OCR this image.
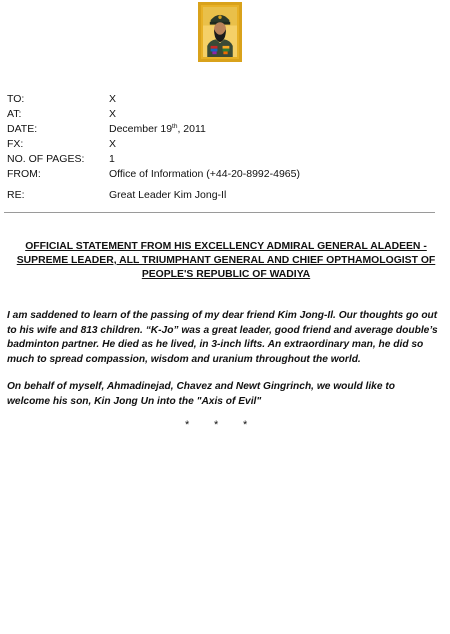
TO:	X
AT:	X
DATE:	December 19th, 2011
FX:	X
NO. OF PAGES:	1
FROM:	Office of Information (+44-20-8992-4965)
RE:	Great Leader Kim Jong-Il
OFFICIAL STATEMENT FROM HIS EXCELLENCY ADMIRAL GENERAL ALADEEN - SUPREME LEADER, ALL TRIUMPHANT GENERAL AND CHIEF OPTHAMOLOGIST OF PEOPLE'S REPUBLIC OF WADIYA

I am saddened to learn of the passing of my dear friend Kim Jong-Il. Our thoughts go out to his wife and 813 children. “K-Jo” was a great leader, good friend and average double’s badminton partner. He died as he lived, in 3-inch lifts. An extraordinary man, he did so much to spread compassion, wisdom and uranium throughout the world.

On behalf of myself, Ahmadinejad, Chavez and Newt Gingrinch, we would like to welcome his son, Kin Jong Un into the "Axis of Evil"

* * *
